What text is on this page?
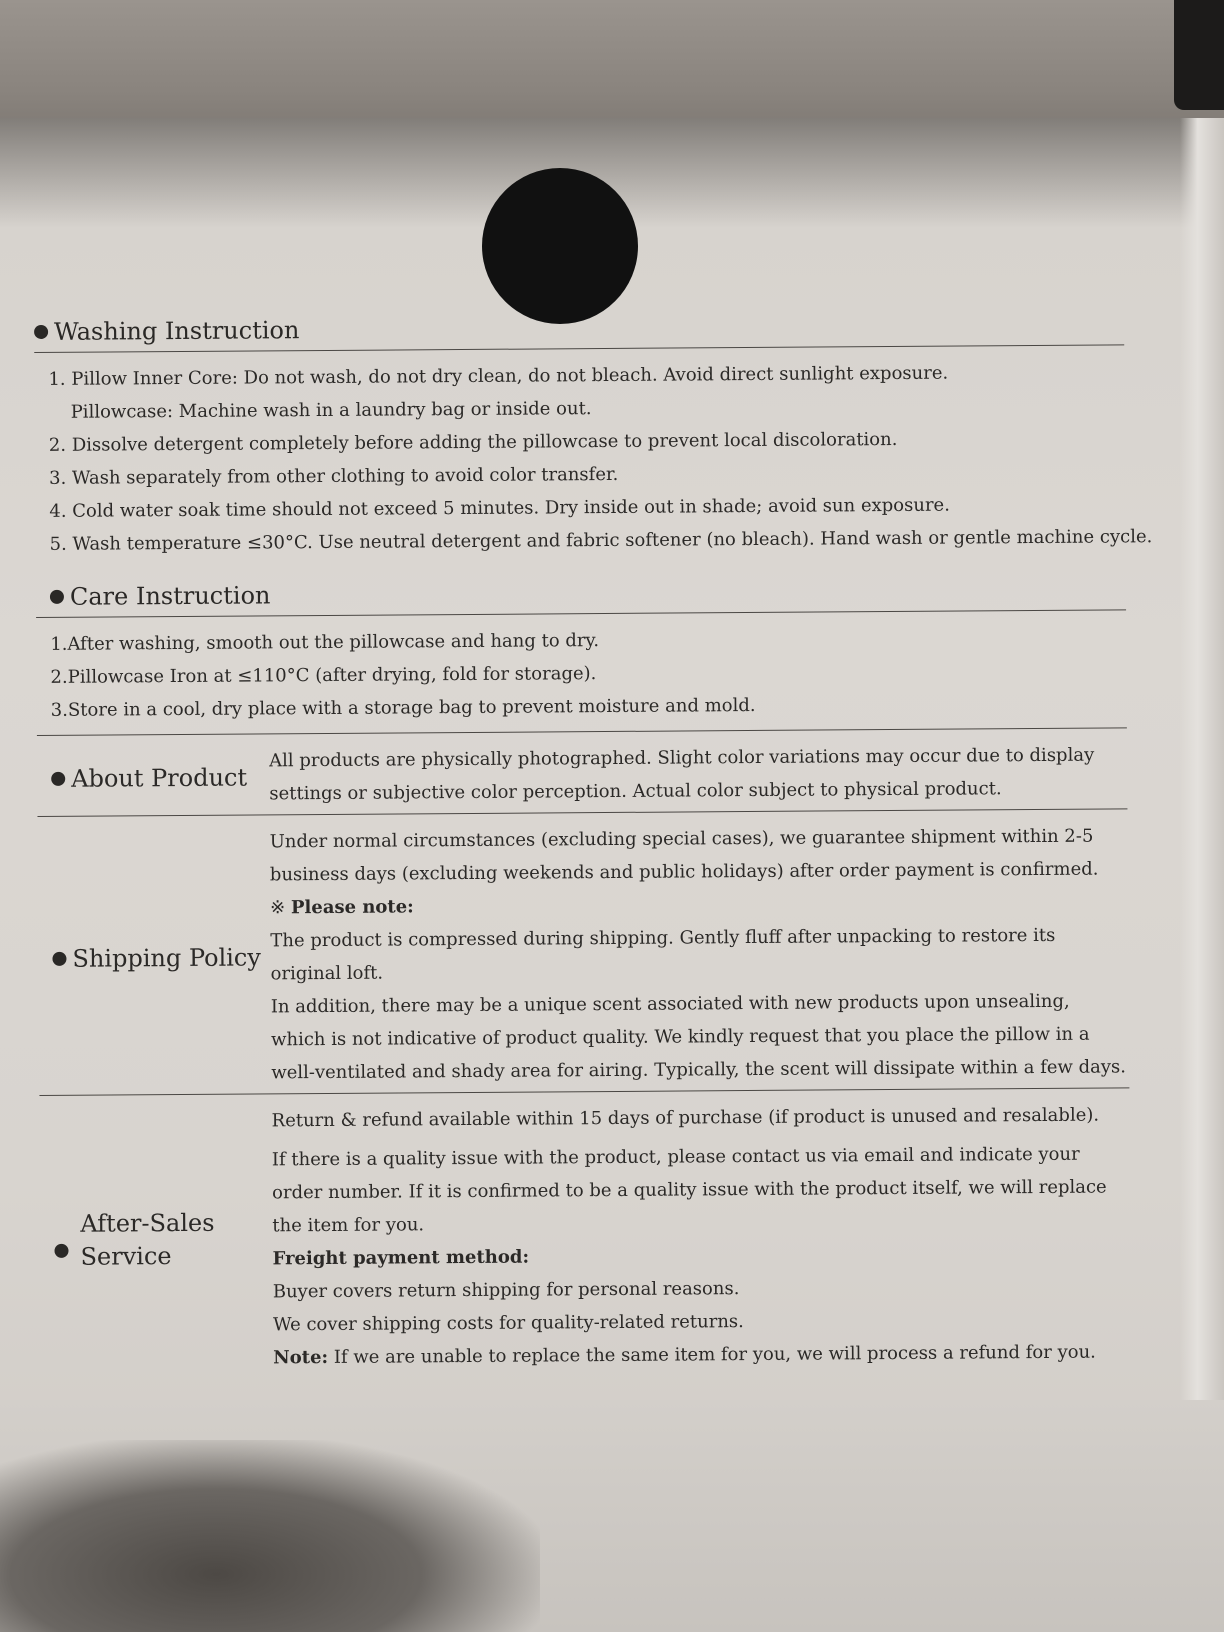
Washing Instruction

1. Pillow Inner Core: Do not wash, do not dry clean, do not bleach. Avoid direct sunlight exposure.

Pillowcase: Machine wash in a laundry bag or inside out.

2. Dissolve detergent completely before adding the pillowcase to prevent local discoloration.

3. Wash separately from other clothing to avoid color transfer.

4. Cold water soak time should not exceed 5 minutes. Dry inside out in shade; avoid sun exposure.

5. Wash temperature ≤30°C. Use neutral detergent and fabric softener (no bleach). Hand wash or gentle machine cycle.

Care Instruction

1.After washing, smooth out the pillowcase and hang to dry.

2.Pillowcase Iron at ≤110°C (after drying, fold for storage).

3.Store in a cool, dry place with a storage bag to prevent moisture and mold.

About Product

All products are physically photographed. Slight color variations may occur due to display

settings or subjective color perception. Actual color subject to physical product.

Shipping Policy

Under normal circumstances (excluding special cases), we guarantee shipment within 2-5

business days (excluding weekends and public holidays) after order payment is confirmed.

※ Please note:

The product is compressed during shipping. Gently fluff after unpacking to restore its

original loft.

In addition, there may be a unique scent associated with new products upon unsealing,

which is not indicative of product quality. We kindly request that you place the pillow in a

well-ventilated and shady area for airing. Typically, the scent will dissipate within a few days.

After-Sales
Service

Return & refund available within 15 days of purchase (if product is unused and resalable).

If there is a quality issue with the product, please contact us via email and indicate your

order number. If it is confirmed to be a quality issue with the product itself, we will replace

the item for you.

Freight payment method:

Buyer covers return shipping for personal reasons.

We cover shipping costs for quality-related returns.

Note: If we are unable to replace the same item for you, we will process a refund for you.
